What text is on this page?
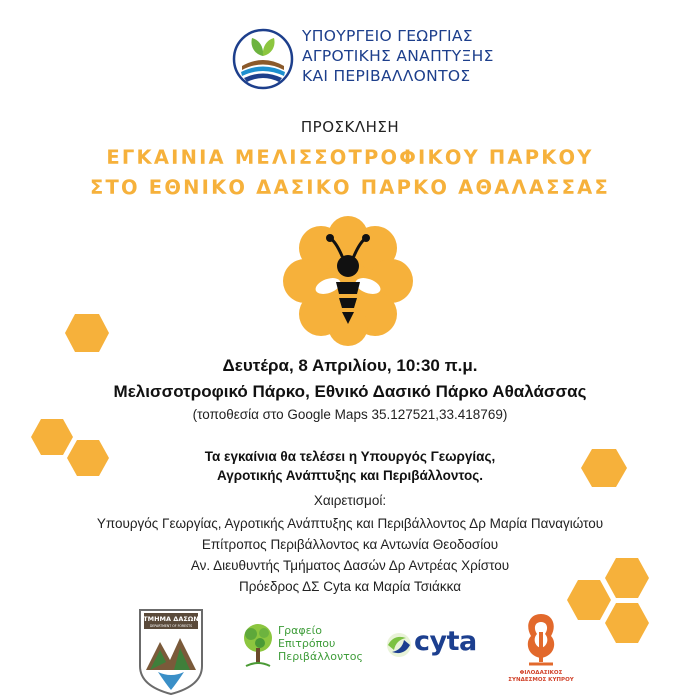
ΥΠΟΥΡΓΕΙΟ ΓΕΩΡΓΙΑΣ
ΑΓΡΟΤΙΚΗΣ ΑΝΑΠΤΥΞΗΣ
ΚΑΙ ΠΕΡΙΒΑΛΛΟΝΤΟΣ
ΠΡΟΣΚΛΗΣΗ
ΕΓΚΑΙΝΙΑ ΜΕΛΙΣΣΟΤΡΟΦΙΚΟΥ ΠΑΡΚΟΥ
ΣΤΟ ΕΘΝΙΚΟ ΔΑΣΙΚΟ ΠΑΡΚΟ ΑΘΑΛΑΣΣΑΣ
Δευτέρα, 8 Απριλίου, 10:30 π.μ.
Μελισσοτροφικό Πάρκο, Εθνικό Δασικό Πάρκο Αθαλάσσας
(τοποθεσία στο Google Maps 35.127521,33.418769)
Τα εγκαίνια θα τελέσει η Υπουργός Γεωργίας,
Αγροτικής Ανάπτυξης και Περιβάλλοντος.
Χαιρετισμοί:
Υπουργός Γεωργίας, Αγροτικής Ανάπτυξης και Περιβάλλοντος Δρ Μαρία Παναγιώτου
Επίτροπος Περιβάλλοντος κα Αντωνία Θεοδοσίου
Αν. Διευθυντής Τμήματος Δασών Δρ Αντρέας Χρίστου
Πρόεδρος ΔΣ Cyta κα Μαρία Τσιάκκα
ΤΜΗΜΑ ΔΑΣΩΝ
DEPARTMENT OF FORESTS	Γραφείο
Επιτρόπου
Περιβάλλοντος cyta
ΦΙΛΟΔΑΣΙΚΟΣ
ΣΥΝΔΕΣΜΟΣ ΚΥΠΡΟΥ
